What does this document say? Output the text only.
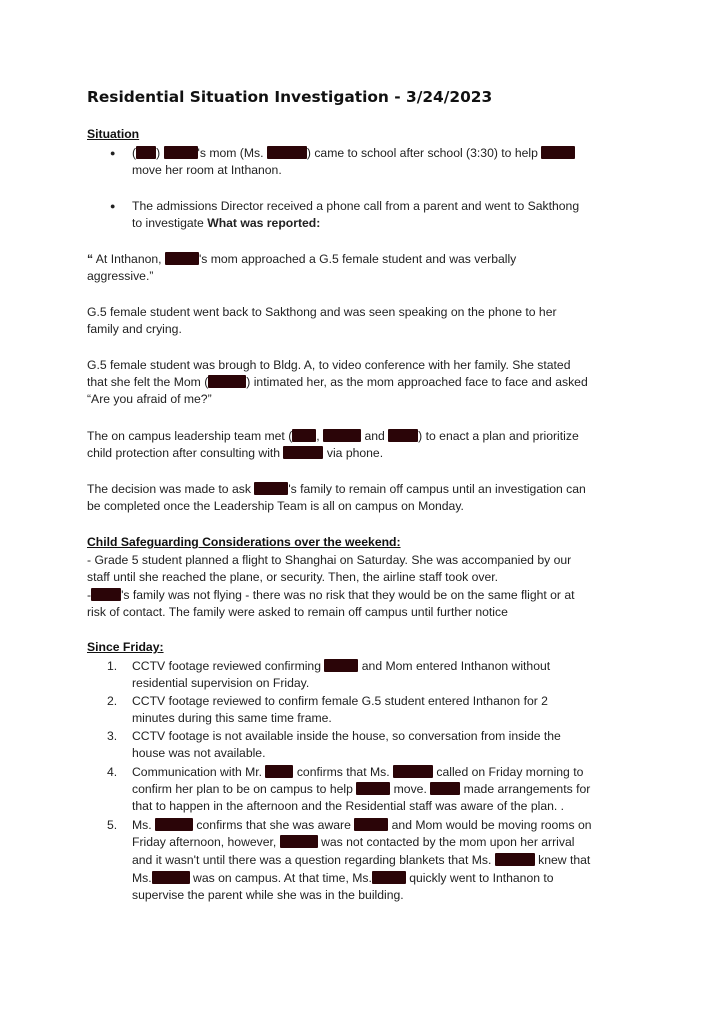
Residential Situation Investigation - 3/24/2023
Situation
● ( )	's mom (Ms.	) came to school after school (3:30) to help
move her room at Inthanon.
● The admissions Director received a phone call from a parent and went to Sakthong
to investigate What was reported:
“ At Inthanon,	's mom approached a G.5 female student and was verbally
aggressive.”
G.5 female student went back to Sakthong and was seen speaking on the phone to her
family and crying.
G.5 female student was brough to Bldg. A, to video conference with her family. She stated
that she felt the Mom (	) intimated her, as the mom approached face to face and asked
“Are you afraid of me?”
The on campus leadership team met ( ,	and	) to enact a plan and prioritize
child protection after consulting with	via phone.
The decision was made to ask	's family to remain off campus until an investigation can
be completed once the Leadership Team is all on campus on Monday.
Child Safeguarding Considerations over the weekend:
- Grade 5 student planned a flight to Shanghai on Saturday. She was accompanied by our
staff until she reached the plane, or security. Then, the airline staff took over.
- 's family was not flying - there was no risk that they would be on the same flight or at
risk of contact. The family were asked to remain off campus until further notice
Since Friday:
1. CCTV footage reviewed confirming	and Mom entered Inthanon without
residential supervision on Friday.
2. CCTV footage reviewed to confirm female G.5 student entered Inthanon for 2
minutes during this same time frame.
3. CCTV footage is not available inside the house, so conversation from inside the
house was not available.
4. Communication with Mr.	confirms that Ms.	called on Friday morning to
confirm her plan to be on campus to help	move.	made arrangements for
that to happen in the afternoon and the Residential staff was aware of the plan. .
5. Ms.	confirms that she was aware	and Mom would be moving rooms on
Friday afternoon, however,	was not contacted by the mom upon her arrival
and it wasn't until there was a question regarding blankets that Ms.	knew that
Ms.	was on campus. At that time, Ms.	quickly went to Inthanon to
supervise the parent while she was in the building.
